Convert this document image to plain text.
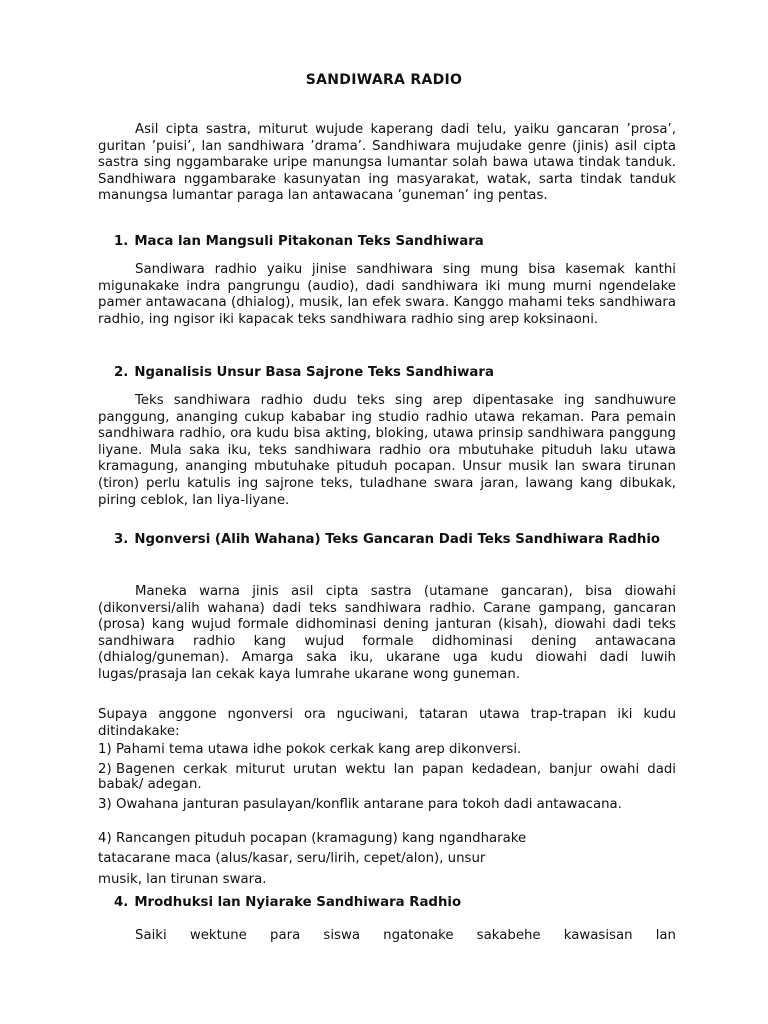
SANDIWARA RADIO
Asil cipta sastra, miturut wujude kaperang dadi telu, yaiku gancaran ’prosa’, guritan ’puisi’, lan sandhiwara ’drama’. Sandhiwara mujudake genre (jinis) asil cipta sastra sing nggambarake uripe manungsa lumantar solah bawa utawa tindak tanduk. Sandhiwara nggambarake kasunyatan ing masyarakat, watak, sarta tindak tanduk manungsa lumantar paraga lan antawacana ’guneman’ ing pentas.
1. Maca lan Mangsuli Pitakonan Teks Sandhiwara
Sandiwara radhio yaiku jinise sandhiwara sing mung bisa kasemak kanthi migunakake indra pangrungu (audio), dadi sandhiwara iki mung murni ngendelake pamer antawacana (dhialog), musik, lan efek swara. Kanggo mahami teks sandhiwara radhio, ing ngisor iki kapacak teks sandhiwara radhio sing arep koksinaoni.
2. Nganalisis Unsur Basa Sajrone Teks Sandhiwara
Teks sandhiwara radhio dudu teks sing arep dipentasake ing sandhuwure panggung, ananging cukup kababar ing studio radhio utawa rekaman. Para pemain sandhiwara radhio, ora kudu bisa akting, bloking, utawa prinsip sandhiwara panggung liyane. Mula saka iku, teks sandhiwara radhio ora mbutuhake pituduh laku utawa kramagung, ananging mbutuhake pituduh pocapan. Unsur musik lan swara tirunan (tiron) perlu katulis ing sajrone teks, tuladhane swara jaran, lawang kang dibukak, piring ceblok, lan liya-liyane.
3. Ngonversi (Alih Wahana) Teks Gancaran Dadi Teks Sandhiwara Radhio
Maneka warna jinis asil cipta sastra (utamane gancaran), bisa diowahi (dikonversi/alih wahana) dadi teks sandhiwara radhio. Carane gampang, gancaran (prosa) kang wujud formale didhominasi dening janturan (kisah), diowahi dadi teks sandhiwara radhio kang wujud formale didhominasi dening antawacana (dhialog/guneman). Amarga saka iku, ukarane uga kudu diowahi dadi luwih lugas/prasaja lan cekak kaya lumrahe ukarane wong guneman.
Supaya anggone ngonversi ora nguciwani, tataran utawa trap-trapan iki kudu ditindakake:
1) Pahami tema utawa idhe pokok cerkak kang arep dikonversi.
2) Bagenen cerkak miturut urutan wektu lan papan kedadean, banjur owahi dadi babak/ adegan.
3) Owahana janturan pasulayan/konflik antarane para tokoh dadi antawacana.
4) Rancangen pituduh pocapan (kramagung) kang ngandharake
tatacarane maca (alus/kasar, seru/lirih, cepet/alon), unsur
musik, lan tirunan swara.
4. Mrodhuksi lan Nyiarake Sandhiwara Radhio
Saiki wektune para siswa ngatonake sakabehe kawasisan lan
